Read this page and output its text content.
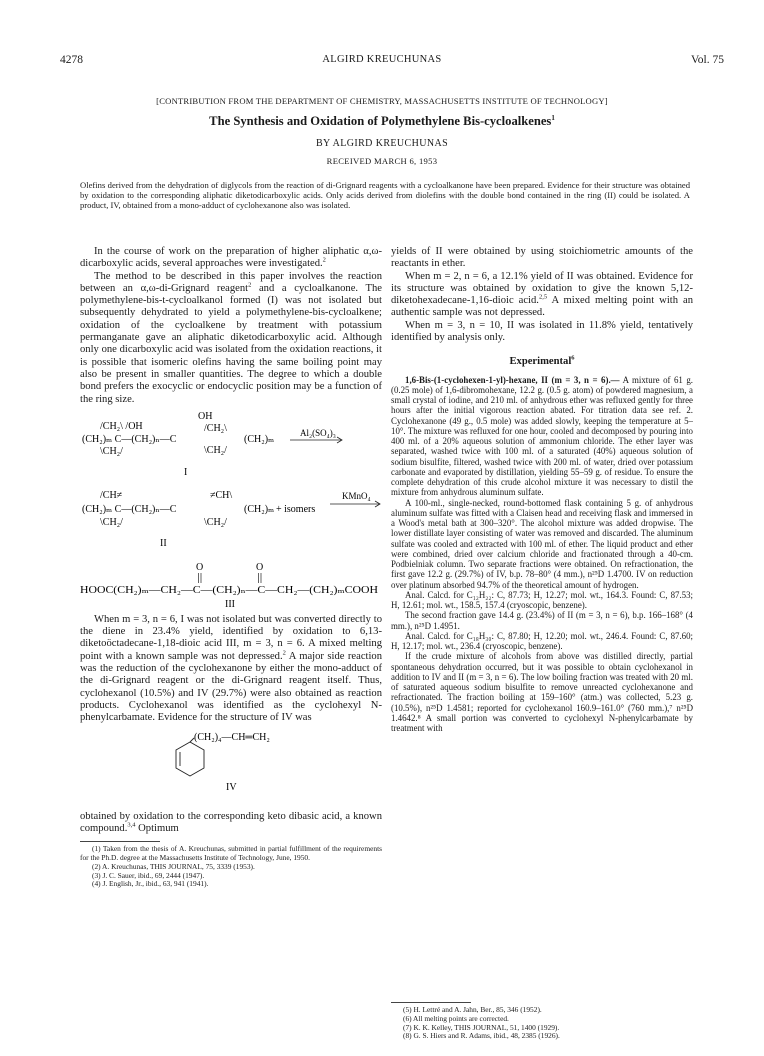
4278	ALGIRD KREUCHUNAS	Vol. 75
[CONTRIBUTION FROM THE DEPARTMENT OF CHEMISTRY, MASSACHUSETTS INSTITUTE OF TECHNOLOGY]
The Synthesis and Oxidation of Polymethylene Bis-cycloalkenes$^1$
BY ALGIRD KREUCHUNAS
RECEIVED MARCH 6, 1953
Olefins derived from the dehydration of diglycols from the reaction of di-Grignard reagents with a cycloalkanone have been prepared. Evidence for their structure was obtained by oxidation to the corresponding aliphatic diketodicarboxylic acids. Only acids derived from diolefins with the double bond contained in the ring (II) could be isolated. A product, IV, obtained from a mono-adduct of cyclohexanone also was isolated.

In the course of work on the preparation of higher aliphatic α,ω-dicarboxylic acids, several approaches were investigated.$^2$

The method to be described in this paper involves the reaction between an α,ω-di-Grignard reagent$^2$ and a cycloalkanone. The polymethylene-bis-t-cycloalkanol formed (I) was not isolated but subsequently dehydrated to yield a polymethylene-bis-cycloalkene; oxidation of the cycloalkene by treatment with potassium permanganate gave an aliphatic diketodicarboxylic acid. Although only one dicarboxylic acid was isolated from the oxidation reactions, it is possible that isomeric olefins having the same boiling point may also be present in smaller quantities. The degree to which a double bond prefers the exocyclic or endocyclic position may be a function of the ring size.

OH
/CH₂\ /OH
(CH₂)ₘ C—(CH₂)ₙ—C
/CH₂\
(CH₂)ₘ
\CH₂/	\CH₂/
Al₂(SO₄)₃
I
/CH≠
(CH₂)ₘ C—(CH₂)ₙ—C
≠CH\
(CH₂)ₘ + isomers
\CH₂/	\CH₂/
KMnO₄
II
O	O
HOOC(CH₂)ₘ—CH₂—C—(CH₂)ₙ—C—CH₂—(CH₂)ₘCOOH
III

When m = 3, n = 6, I was not isolated but was converted directly to the diene in 23.4% yield, identified by oxidation to 6,13-diketoöctadecane-1,18-dioic acid III, m = 3, n = 6. A mixed melting point with a known sample was not depressed.$^2$ A major side reaction was the reduction of the cyclohexanone by either the mono-adduct of the di-Grignard reagent or the di-Grignard reagent itself. Thus, cyclohexanol (10.5%) and IV (29.7%) were also obtained as reaction products. Cyclohexanol was identified as the cyclohexyl N-phenylcarbamate. Evidence for the structure of IV was

(CH₂)₄—CH═CH₂
IV

obtained by oxidation to the corresponding keto dibasic acid, a known compound.$^{3,4}$ Optimum

(1) Taken from the thesis of A. Kreuchunas, submitted in partial fulfillment of the requirements for the Ph.D. degree at the Massachusetts Institute of Technology, June, 1950.

(2) A. Kreuchunas, THIS JOURNAL, 75, 3339 (1953).

(3) J. C. Sauer, ibid., 69, 2444 (1947).

(4) J. English, Jr., ibid., 63, 941 (1941).

yields of II were obtained by using stoichiometric amounts of the reactants in ether.

When m = 2, n = 6, a 12.1% yield of II was obtained. Evidence for its structure was obtained by oxidation to give the known 5,12-diketohexadecane-1,16-dioic acid.$^{2,5}$ A mixed melting point with an authentic sample was not depressed.

When m = 3, n = 10, II was isolated in 11.8% yield, tentatively identified by analysis only.

Experimental$^6$

1,6-Bis-(1-cyclohexen-1-yl)-hexane, II (m = 3, n = 6).— A mixture of 61 g. (0.25 mole) of 1,6-dibromohexane, 12.2 g. (0.5 g. atom) of powdered magnesium, a small crystal of iodine, and 210 ml. of anhydrous ether was refluxed gently for three hours after the initial vigorous reaction abated. For titration data see ref. 2. Cyclohexanone (49 g., 0.5 mole) was added slowly, keeping the temperature at 5–10°. The mixture was refluxed for one hour, cooled and decomposed by pouring into 400 ml. of a 20% aqueous solution of ammonium chloride. The ether layer was separated, washed twice with 100 ml. of a saturated (40%) aqueous solution of sodium bisulfite, filtered, washed twice with 200 ml. of water, dried over potassium carbonate and evaporated by distillation, yielding 55–59 g. of residue. To ensure the complete dehydration of this crude alcohol mixture it was necessary to distil the mixture from anhydrous aluminum sulfate.

A 100-ml., single-necked, round-bottomed flask containing 5 g. of anhydrous aluminum sulfate was fitted with a Claisen head and receiving flask and immersed in a Wood's metal bath at 300–320°. The alcohol mixture was added dropwise. The lower distillate layer consisting of water was removed and discarded. The aluminum sulfate was cooled and extracted with 100 ml. of ether. The liquid product and ether were combined, dried over calcium chloride and fractionated through a 40-cm. Podbielniak column. Two separate fractions were obtained. On refractionation, the first gave 12.2 g. (29.7%) of IV, b.p. 78–80° (4 mm.), n²⁵D 1.4700. IV on reduction over platinum absorbed 94.7% of the theoretical amount of hydrogen.

Anal. Calcd. for C₁₂H₂₂: C, 87.73; H, 12.27; mol. wt., 164.3. Found: C, 87.53; H, 12.61; mol. wt., 158.5, 157.4 (cryoscopic, benzene).

The second fraction gave 14.4 g. (23.4%) of II (m = 3, n = 6), b.p. 166–168° (4 mm.), n²⁵D 1.4951.

Anal. Calcd. for C₁₈H₃₀: C, 87.80; H, 12.20; mol. wt., 246.4. Found: C, 87.60; H, 12.17; mol. wt., 236.4 (cryoscopic, benzene).

If the crude mixture of alcohols from above was distilled directly, partial spontaneous dehydration occurred, but it was possible to obtain cyclohexanol in addition to IV and II (m = 3, n = 6). The low boiling fraction was treated with 20 ml. of saturated aqueous sodium bisulfite to remove unreacted cyclohexanone and refractionated. The fraction boiling at 159–160° (atm.) was collected, 5.23 g. (10.5%), n²⁵D 1.4581; reported for cyclohexanol 160.9–161.0° (760 mm.),⁷ n²⁵D 1.4642.⁸ A small portion was converted to cyclohexyl N-phenylcarbamate by treatment with

(5) H. Lettré and A. Jahn, Ber., 85, 346 (1952).

(6) All melting points are corrected.

(7) K. K. Kelley, THIS JOURNAL, 51, 1400 (1929).

(8) G. S. Hiers and R. Adams, ibid., 48, 2385 (1926).
